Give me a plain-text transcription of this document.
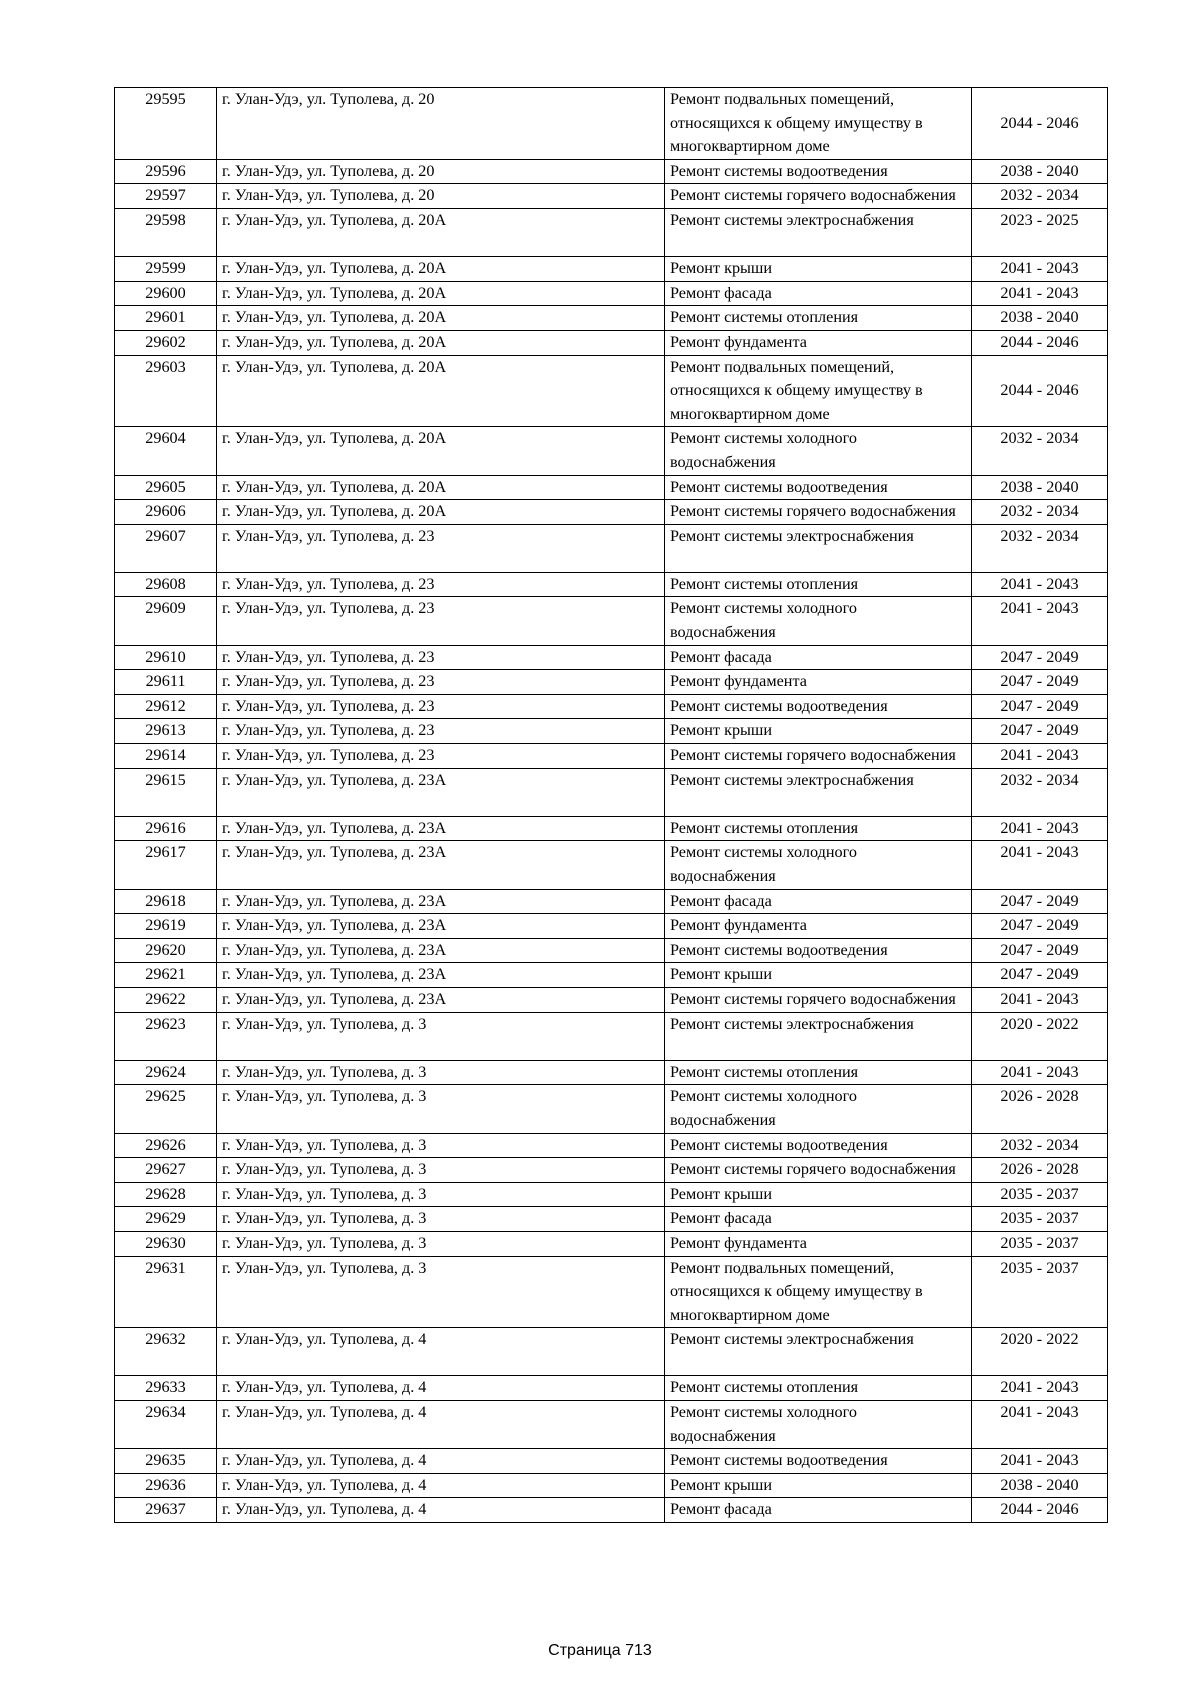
29595	г. Улан-Удэ, ул. Туполева, д. 20	Ремонт подвальных помещений, относящихся к общему имуществу в многоквартирном доме	2044 - 2046
29596	г. Улан-Удэ, ул. Туполева, д. 20	Ремонт системы водоотведения	2038 - 2040
29597	г. Улан-Удэ, ул. Туполева, д. 20	Ремонт системы горячего водоснабжения	2032 - 2034
29598	г. Улан-Удэ, ул. Туполева, д. 20А	Ремонт системы электроснабжения	2023 - 2025
29599	г. Улан-Удэ, ул. Туполева, д. 20А	Ремонт крыши	2041 - 2043
29600	г. Улан-Удэ, ул. Туполева, д. 20А	Ремонт фасада	2041 - 2043
29601	г. Улан-Удэ, ул. Туполева, д. 20А	Ремонт системы отопления	2038 - 2040
29602	г. Улан-Удэ, ул. Туполева, д. 20А	Ремонт фундамента	2044 - 2046
29603	г. Улан-Удэ, ул. Туполева, д. 20А	Ремонт подвальных помещений, относящихся к общему имуществу в многоквартирном доме	2044 - 2046
29604	г. Улан-Удэ, ул. Туполева, д. 20А	Ремонт системы холодного водоснабжения	2032 - 2034
29605	г. Улан-Удэ, ул. Туполева, д. 20А	Ремонт системы водоотведения	2038 - 2040
29606	г. Улан-Удэ, ул. Туполева, д. 20А	Ремонт системы горячего водоснабжения	2032 - 2034
29607	г. Улан-Удэ, ул. Туполева, д. 23	Ремонт системы электроснабжения	2032 - 2034
29608	г. Улан-Удэ, ул. Туполева, д. 23	Ремонт системы отопления	2041 - 2043
29609	г. Улан-Удэ, ул. Туполева, д. 23	Ремонт системы холодного водоснабжения	2041 - 2043
29610	г. Улан-Удэ, ул. Туполева, д. 23	Ремонт фасада	2047 - 2049
29611	г. Улан-Удэ, ул. Туполева, д. 23	Ремонт фундамента	2047 - 2049
29612	г. Улан-Удэ, ул. Туполева, д. 23	Ремонт системы водоотведения	2047 - 2049
29613	г. Улан-Удэ, ул. Туполева, д. 23	Ремонт крыши	2047 - 2049
29614	г. Улан-Удэ, ул. Туполева, д. 23	Ремонт системы горячего водоснабжения	2041 - 2043
29615	г. Улан-Удэ, ул. Туполева, д. 23А	Ремонт системы электроснабжения	2032 - 2034
29616	г. Улан-Удэ, ул. Туполева, д. 23А	Ремонт системы отопления	2041 - 2043
29617	г. Улан-Удэ, ул. Туполева, д. 23А	Ремонт системы холодного водоснабжения	2041 - 2043
29618	г. Улан-Удэ, ул. Туполева, д. 23А	Ремонт фасада	2047 - 2049
29619	г. Улан-Удэ, ул. Туполева, д. 23А	Ремонт фундамента	2047 - 2049
29620	г. Улан-Удэ, ул. Туполева, д. 23А	Ремонт системы водоотведения	2047 - 2049
29621	г. Улан-Удэ, ул. Туполева, д. 23А	Ремонт крыши	2047 - 2049
29622	г. Улан-Удэ, ул. Туполева, д. 23А	Ремонт системы горячего водоснабжения	2041 - 2043
29623	г. Улан-Удэ, ул. Туполева, д. 3	Ремонт системы электроснабжения	2020 - 2022
29624	г. Улан-Удэ, ул. Туполева, д. 3	Ремонт системы отопления	2041 - 2043
29625	г. Улан-Удэ, ул. Туполева, д. 3	Ремонт системы холодного водоснабжения	2026 - 2028
29626	г. Улан-Удэ, ул. Туполева, д. 3	Ремонт системы водоотведения	2032 - 2034
29627	г. Улан-Удэ, ул. Туполева, д. 3	Ремонт системы горячего водоснабжения	2026 - 2028
29628	г. Улан-Удэ, ул. Туполева, д. 3	Ремонт крыши	2035 - 2037
29629	г. Улан-Удэ, ул. Туполева, д. 3	Ремонт фасада	2035 - 2037
29630	г. Улан-Удэ, ул. Туполева, д. 3	Ремонт фундамента	2035 - 2037
29631	г. Улан-Удэ, ул. Туполева, д. 3	Ремонт подвальных помещений, относящихся к общему имуществу в многоквартирном доме	2035 - 2037
29632	г. Улан-Удэ, ул. Туполева, д. 4	Ремонт системы электроснабжения	2020 - 2022
29633	г. Улан-Удэ, ул. Туполева, д. 4	Ремонт системы отопления	2041 - 2043
29634	г. Улан-Удэ, ул. Туполева, д. 4	Ремонт системы холодного водоснабжения	2041 - 2043
29635	г. Улан-Удэ, ул. Туполева, д. 4	Ремонт системы водоотведения	2041 - 2043
29636	г. Улан-Удэ, ул. Туполева, д. 4	Ремонт крыши	2038 - 2040
29637	г. Улан-Удэ, ул. Туполева, д. 4	Ремонт фасада	2044 - 2046
Страница 713
